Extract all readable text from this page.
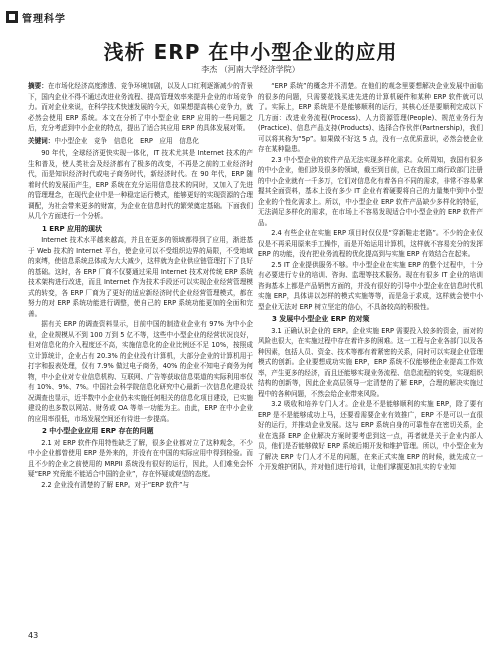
管理科学
浅析 ERP 在中小型企业的应用
李杰 （河南大学经济学院）
摘要：在市场化经济高度渗透、竞争环境加剧，以及人口红利逐渐减少的背景下，国内企业不得不通过改进业务流程、提高管理效率来提升企业的市场竞争力。而对企业来说，在科学技术快速发展的今天，如果想提高核心竞争力，就必然会使用 ERP 系统。本文在分析了中小型企业 ERP 应用的一些问题之后，充分考虑到中小企业的特点，提出了适合其应用 ERP 的具体发展对策。
关键词：中小型企业　竞争　信息化　ERP　应用　信息化

90 年代，全球经济更快实现一体化，IT 技术尤其是 Internet 技术的产生和普及，使人类社会及经济都有了极多的改变，不再是之前的工业经济时代，而是知识经济时代或电子商务时代，新经济时代。在 90 年代，ERP 随着时代的发展而产生，ERP 系统在充分运用信息技术的同时，又加入了先进的管理理念，在现代企业中是一种稳定运行模式，能够更好的实现资源的合理调配，为社会带来更多的财富，为企业在信息时代的繁荣奠定基础。下面我们从几个方面进行一个分析。

1 ERP 应用的现状

Internet 技术水平越来越高，并且在更多的领域都得到了应用，渐进基于 Web 技术的 Internet 平台，使企业可以不受组织边界的局限，不受地域的束缚，使信息系统总体成为大大减少，这样就为企业供应链管理打下了良好的基础。这时，各 ERP 厂商不仅要通过采用 Internet 技术对传统 ERP 系统技术架构进行改进，而且 Internet 作为技术手段还可以实现企业经营管理模式的转变，各 ERP 厂商为了更好的适应新经济时代企业经营管理模式，都在努力的对 ERP 系统功能进行调整，使自己的 ERP 系统功能更加的全面和完善。

据有关 ERP 的调查资料显示，目前中国的制造业企业有 97% 为中小企业，企业规模从不到 100 万到 5 亿不等，这些中小型企业的经营状况良好，但对信息化的介入程度还不高，实施信息化的企业比例还不足 10%，按照成立计算统计，企业占有 20.3% 的企业没有计算机，大部分企业的计算机用于打字和报表处理，仅有 7.9% 做过电子商务，40% 的企业不知电子商务为何物，中小企业对专业信息机构、互联网、广告等获取信息渠道的实际利用率仅有 10%、9%、7%。中国社会科学院信息化研究中心最新一次信息化建设状况调查也显示，近半数中小企业仍未实施任何相关的信息化项目建设，已实施建设的也多数以网站、财务或 OA 等单一功能为主。由此，ERP 在中小企业的应用率很低，市场发展空间还有待进一步提高。

2 中小型企业应用 ERP 存在的问题

2.1 对 ERP 软件作用特性缺乏了解，很多企业都对立了这种观念，不少中小企业都曾使用 ERP 是外来的，并没有在中国的实际应用中得到检验。而且不少的企业之前使用的 MRPII 系统没有很好的运行，因此，人们难免会怀疑“ERP 究竟能不能适合中国的企业”，存在怀疑或观望的态度。

2.2 企业没有清楚的了解 ERP。对于“ERP 软件”与

“ERP 系统”的概念并不清楚。在他们的观念里要想解决企业发展中面临的很多的问题，只需要花钱买进先进的计算机硬件和某种 ERP 软件就可以了。实际上，ERP 系统是不是能够顺利的运行，其核心还是要顺利完成以下几方面：改进业务流程(Process)、人力资源管理(People)、规范业务行为(Practice)、信息产品支持(Products)、选择合作伙伴(Partnership)，我们可以将其称为“5p”。如果做不好这 5 点，没有一点优质意识，必然会使企业存在某种隐患。

2.3 中小型企业的软件产品无法实现多样化需求。众所周知，我国有很多的中小企业，他们涉及很多的领域，截至到目前，已在我国工商行政部门注册的中小企业就有一千多万，它们对信息化有着各自不同的需求，非常不容易掌握其全面资料，基本上没有多少 IT 企业有着硬要将自己的力量集中到中小型企业的个性化需求上。所以，中小型企业 ERP 软件产品缺少多样化的特征，无法满足多样化的需求，在市场上不容易发现适合中小型企业的 ERP 软件产品。

2.4 有些企业在实施 ERP 项目时仅仅是“穿新鞋走老路”。不少的企业仅仅是不再采用原来手工操作，而是开始运用计算机，这样就不容易充分的发挥 ERP 的功能，没有把业务流程的优化提高到与实施 ERP 有效结合在起来。

2.5 IT 企业提供服务不够。中小型企业在实施 ERP 的整个过程中，十分有必要进行专业的培训、咨询、监理等技术服务。现在有很多 IT 企业的培训咨询基本上都是产品销售方面的，并没有很好的引导中小型企业在信息时代机实施 ERP，具体讲以怎样的模式实施等等，而是急于求成，这样就会使中小型企业无法对 ERP 树立坚定的信心，不具备较高的积极性。

3 发展中小型企业 ERP 的对策

3.1 正确认识企业的 ERP。企业实施 ERP 需要投入较多的资金，面对的风险也很大，在实施过程中存在着许多的困难。这一工程与企业各部门以及各种因素，包括人员、资金、技术等都有着紧密的关系，同时可以实现企业管理模式的创新。企业要想成功实施 ERP，ERP 系统不仅能够使企业提高工作效率，产生更多的经济，而且还能够实现业务流程、信息流程的转变，实现组织结构的创新等，因此企业高层领导一定清楚的了解 ERP，合理的解决实施过程中的各种问题，不然会给企业带来风险。

3.2 吸收和培养专门人才。企业是不是能够顺利的实施 ERP，除了要有 ERP 是不是能够成功上马，还要看需要企业有效推广，ERP 不是可以一直很好的运行，并推动企业发展。这与 ERP 系统自身的可靠性存在密切关系，企业在选择 ERP 企业解决方案时要考虑到这一点，再者就是关于企业内部人员，他们是否能够做好 ERP 系统后期开发和维护管理。所以，中小型企业为了解决 ERP 专门人才不足的问题，在来正式实施 ERP 的时候，就先成立一个开发维护团队，并对他们进行培训，让他们掌握更加扎实的专业知

43
